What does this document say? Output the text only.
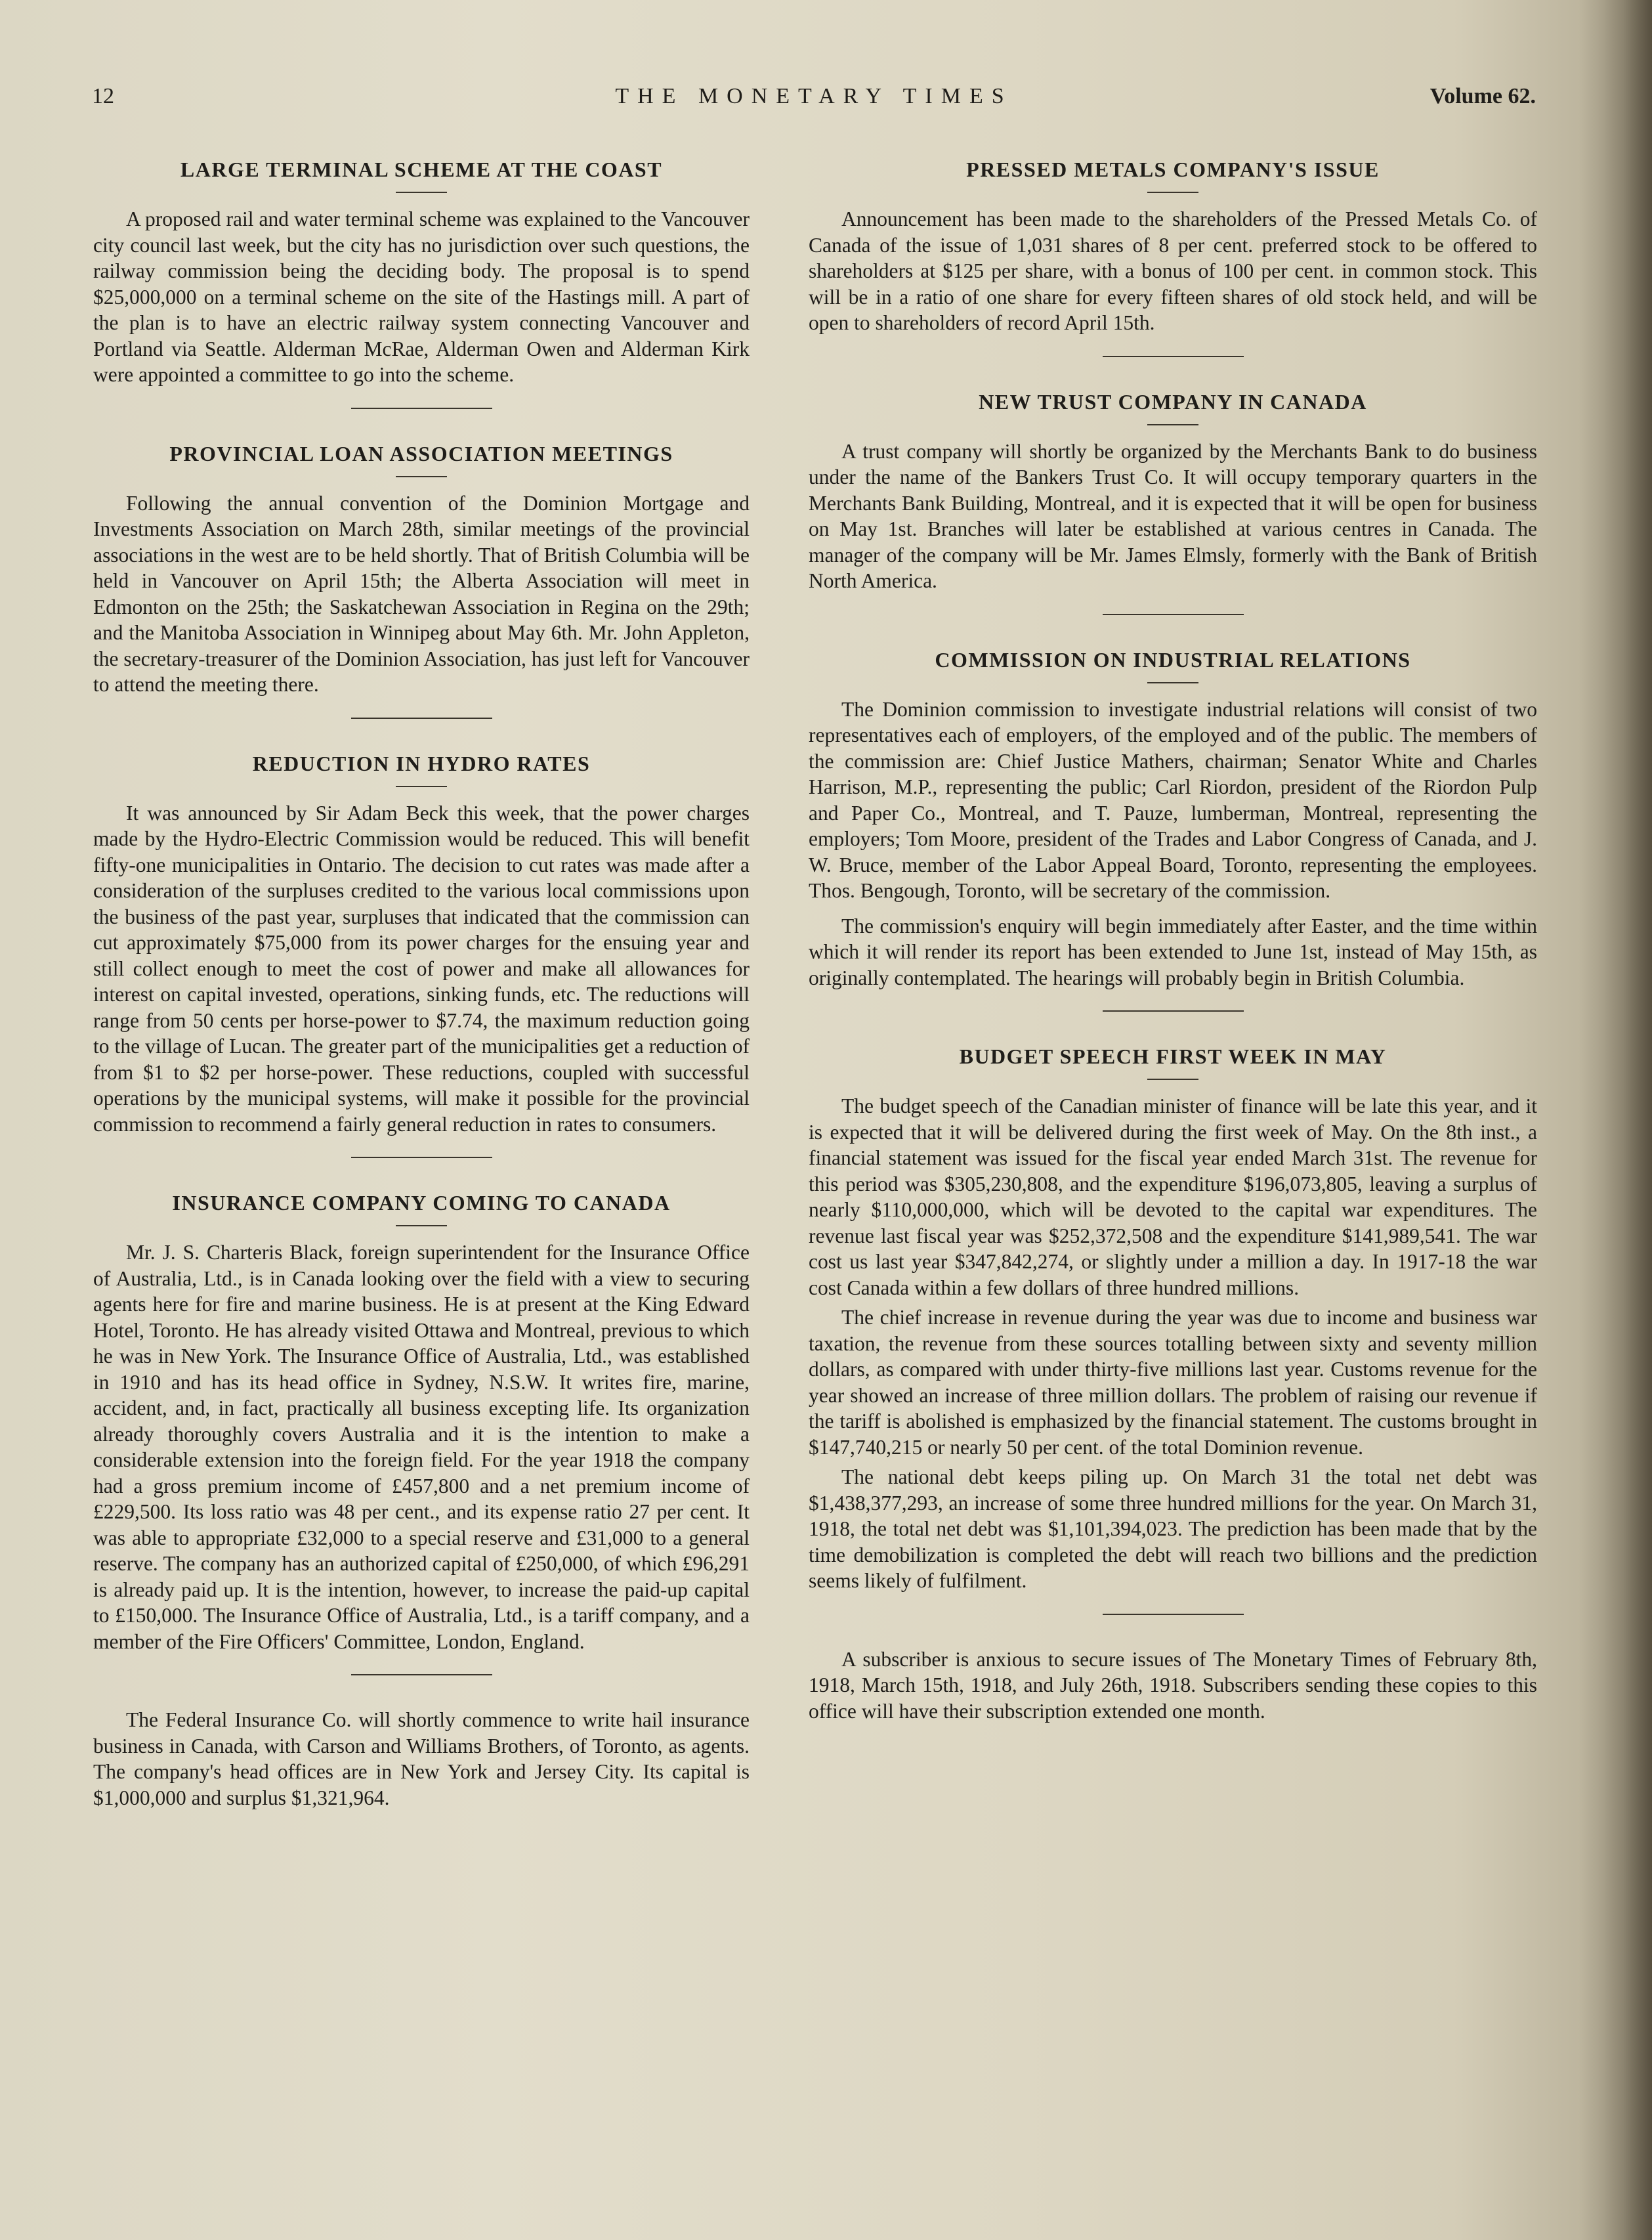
12	THE MONETARY TIMES	Volume 62.
LARGE TERMINAL SCHEME AT THE COAST

A proposed rail and water terminal scheme was explained to the Vancouver city council last week, but the city has no jurisdiction over such questions, the railway commission being the deciding body. The proposal is to spend $25,000,000 on a terminal scheme on the site of the Hastings mill. A part of the plan is to have an electric railway system connecting Vancouver and Portland via Seattle. Alderman McRae, Alderman Owen and Alderman Kirk were appointed a committee to go into the scheme.

PROVINCIAL LOAN ASSOCIATION MEETINGS

Following the annual convention of the Dominion Mortgage and Investments Association on March 28th, similar meetings of the provincial associations in the west are to be held shortly. That of British Columbia will be held in Vancouver on April 15th; the Alberta Association will meet in Edmonton on the 25th; the Saskatchewan Association in Regina on the 29th; and the Manitoba Association in Winnipeg about May 6th. Mr. John Appleton, the secretary-treasurer of the Dominion Association, has just left for Vancouver to attend the meeting there.

REDUCTION IN HYDRO RATES

It was announced by Sir Adam Beck this week, that the power charges made by the Hydro-Electric Commission would be reduced. This will benefit fifty-one municipalities in Ontario. The decision to cut rates was made after a consideration of the surpluses credited to the various local commissions upon the business of the past year, surpluses that indicated that the commission can cut approximately $75,000 from its power charges for the ensuing year and still collect enough to meet the cost of power and make all allowances for interest on capital invested, operations, sinking funds, etc. The reductions will range from 50 cents per horse-power to $7.74, the maximum reduction going to the village of Lucan. The greater part of the municipalities get a reduction of from $1 to $2 per horse-power. These reductions, coupled with successful operations by the municipal systems, will make it possible for the provincial commission to recommend a fairly general reduction in rates to consumers.

INSURANCE COMPANY COMING TO CANADA

Mr. J. S. Charteris Black, foreign superintendent for the Insurance Office of Australia, Ltd., is in Canada looking over the field with a view to securing agents here for fire and marine business. He is at present at the King Edward Hotel, Toronto. He has already visited Ottawa and Montreal, previous to which he was in New York. The Insurance Office of Australia, Ltd., was established in 1910 and has its head office in Sydney, N.S.W. It writes fire, marine, accident, and, in fact, practically all business excepting life. Its organization already thoroughly covers Australia and it is the intention to make a considerable extension into the foreign field. For the year 1918 the company had a gross premium income of £457,800 and a net premium income of £229,500. Its loss ratio was 48 per cent., and its expense ratio 27 per cent. It was able to appropriate £32,000 to a special reserve and £31,000 to a general reserve. The company has an authorized capital of £250,000, of which £96,291 is already paid up. It is the intention, however, to increase the paid-up capital to £150,000. The Insurance Office of Australia, Ltd., is a tariff company, and a member of the Fire Officers' Committee, London, England.

The Federal Insurance Co. will shortly commence to write hail insurance business in Canada, with Carson and Williams Brothers, of Toronto, as agents. The company's head offices are in New York and Jersey City. Its capital is $1,000,000 and surplus $1,321,964.

PRESSED METALS COMPANY'S ISSUE

Announcement has been made to the shareholders of the Pressed Metals Co. of Canada of the issue of 1,031 shares of 8 per cent. preferred stock to be offered to shareholders at $125 per share, with a bonus of 100 per cent. in common stock. This will be in a ratio of one share for every fifteen shares of old stock held, and will be open to shareholders of record April 15th.

NEW TRUST COMPANY IN CANADA

A trust company will shortly be organized by the Merchants Bank to do business under the name of the Bankers Trust Co. It will occupy temporary quarters in the Merchants Bank Building, Montreal, and it is expected that it will be open for business on May 1st. Branches will later be established at various centres in Canada. The manager of the company will be Mr. James Elmsly, formerly with the Bank of British North America.

COMMISSION ON INDUSTRIAL RELATIONS

The Dominion commission to investigate industrial relations will consist of two representatives each of employers, of the employed and of the public. The members of the commission are: Chief Justice Mathers, chairman; Senator White and Charles Harrison, M.P., representing the public; Carl Riordon, president of the Riordon Pulp and Paper Co., Montreal, and T. Pauze, lumberman, Montreal, representing the employers; Tom Moore, president of the Trades and Labor Congress of Canada, and J. W. Bruce, member of the Labor Appeal Board, Toronto, representing the employees. Thos. Bengough, Toronto, will be secretary of the commission.

The commission's enquiry will begin immediately after Easter, and the time within which it will render its report has been extended to June 1st, instead of May 15th, as originally contemplated. The hearings will probably begin in British Columbia.

BUDGET SPEECH FIRST WEEK IN MAY

The budget speech of the Canadian minister of finance will be late this year, and it is expected that it will be delivered during the first week of May. On the 8th inst., a financial statement was issued for the fiscal year ended March 31st. The revenue for this period was $305,230,808, and the expenditure $196,073,805, leaving a surplus of nearly $110,000,000, which will be devoted to the capital war expenditures. The revenue last fiscal year was $252,372,508 and the expenditure $141,989,541. The war cost us last year $347,842,274, or slightly under a million a day. In 1917-18 the war cost Canada within a few dollars of three hundred millions.

The chief increase in revenue during the year was due to income and business war taxation, the revenue from these sources totalling between sixty and seventy million dollars, as compared with under thirty-five millions last year. Customs revenue for the year showed an increase of three million dollars. The problem of raising our revenue if the tariff is abolished is emphasized by the financial statement. The customs brought in $147,740,215 or nearly 50 per cent. of the total Dominion revenue.

The national debt keeps piling up. On March 31 the total net debt was $1,438,377,293, an increase of some three hundred millions for the year. On March 31, 1918, the total net debt was $1,101,394,023. The prediction has been made that by the time demobilization is completed the debt will reach two billions and the prediction seems likely of fulfilment.

A subscriber is anxious to secure issues of The Monetary Times of February 8th, 1918, March 15th, 1918, and July 26th, 1918. Subscribers sending these copies to this office will have their subscription extended one month.
